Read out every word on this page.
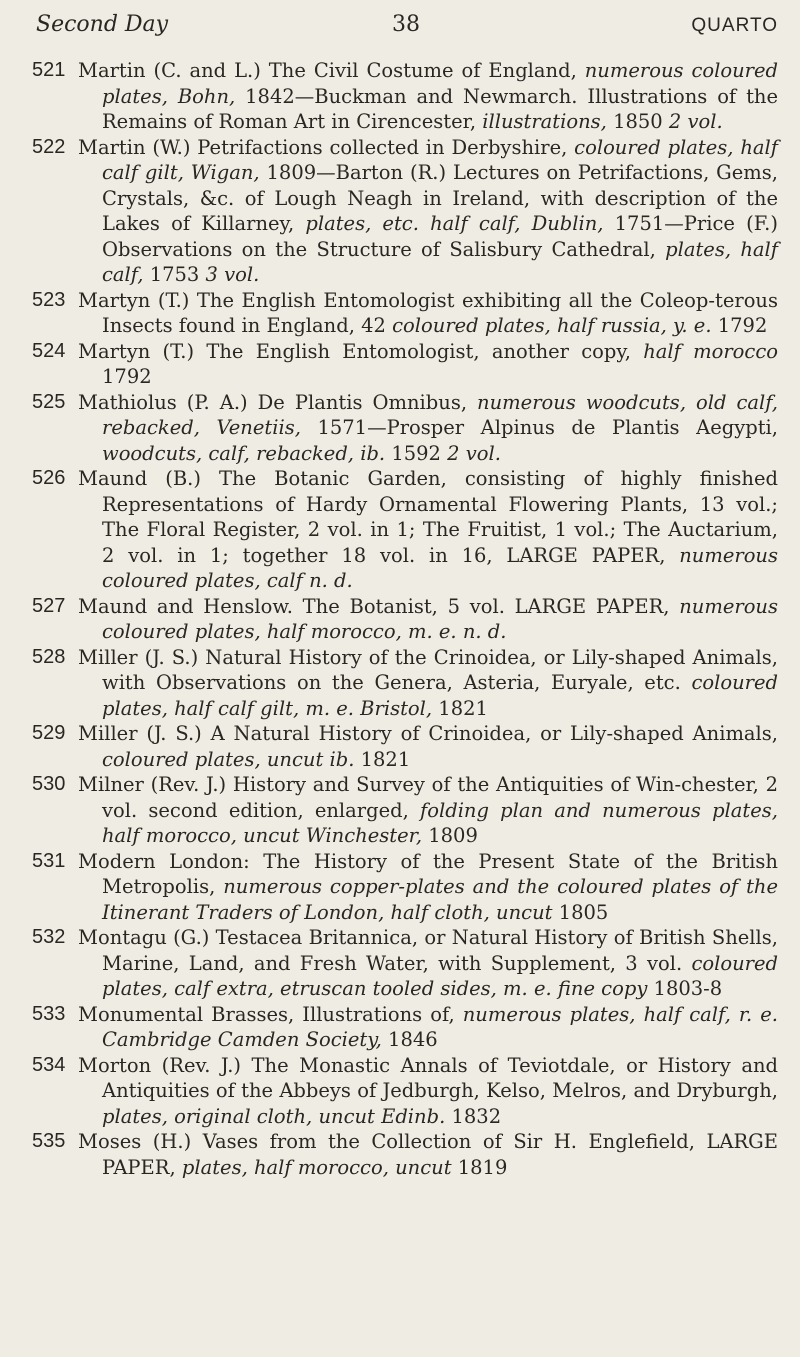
Second Day	38	QUARTO
521 Martin (C. and L.) The Civil Costume of England, numerous coloured plates, Bohn, 1842—Buckman and Newmarch. Illustrations of the Remains of Roman Art in Cirencester, illustrations, 1850 2 vol.
522 Martin (W.) Petrifactions collected in Derbyshire, coloured plates, half calf gilt, Wigan, 1809—Barton (R.) Lectures on Petrifactions, Gems, Crystals, &c. of Lough Neagh in Ireland, with description of the Lakes of Killarney, plates, etc. half calf, Dublin, 1751—Price (F.) Observations on the Structure of Salisbury Cathedral, plates, half calf, 1753 3 vol.
523 Martyn (T.) The English Entomologist exhibiting all the Coleop-terous Insects found in England, 42 coloured plates, half russia, y. e. 1792
524 Martyn (T.) The English Entomologist, another copy, half morocco 1792
525 Mathiolus (P. A.) De Plantis Omnibus, numerous woodcuts, old calf, rebacked, Venetiis, 1571—Prosper Alpinus de Plantis Aegypti, woodcuts, calf, rebacked, ib. 1592 2 vol.
526 Maund (B.) The Botanic Garden, consisting of highly finished Representations of Hardy Ornamental Flowering Plants, 13 vol.; The Floral Register, 2 vol. in 1; The Fruitist, 1 vol.; The Auctarium, 2 vol. in 1; together 18 vol. in 16, LARGE PAPER, numerous coloured plates, calf n. d.
527 Maund and Henslow. The Botanist, 5 vol. LARGE PAPER, numerous coloured plates, half morocco, m. e. n. d.
528 Miller (J. S.) Natural History of the Crinoidea, or Lily-shaped Animals, with Observations on the Genera, Asteria, Euryale, etc. coloured plates, half calf gilt, m. e. Bristol, 1821
529 Miller (J. S.) A Natural History of Crinoidea, or Lily-shaped Animals, coloured plates, uncut ib. 1821
530 Milner (Rev. J.) History and Survey of the Antiquities of Win-chester, 2 vol. second edition, enlarged, folding plan and numerous plates, half morocco, uncut Winchester, 1809
531 Modern London: The History of the Present State of the British Metropolis, numerous copper-plates and the coloured plates of the Itinerant Traders of London, half cloth, uncut 1805
532 Montagu (G.) Testacea Britannica, or Natural History of British Shells, Marine, Land, and Fresh Water, with Supplement, 3 vol. coloured plates, calf extra, etruscan tooled sides, m. e. fine copy 1803-8
533 Monumental Brasses, Illustrations of, numerous plates, half calf, r. e. Cambridge Camden Society, 1846
534 Morton (Rev. J.) The Monastic Annals of Teviotdale, or History and Antiquities of the Abbeys of Jedburgh, Kelso, Melros, and Dryburgh, plates, original cloth, uncut Edinb. 1832
535 Moses (H.) Vases from the Collection of Sir H. Englefield, LARGE PAPER, plates, half morocco, uncut 1819
